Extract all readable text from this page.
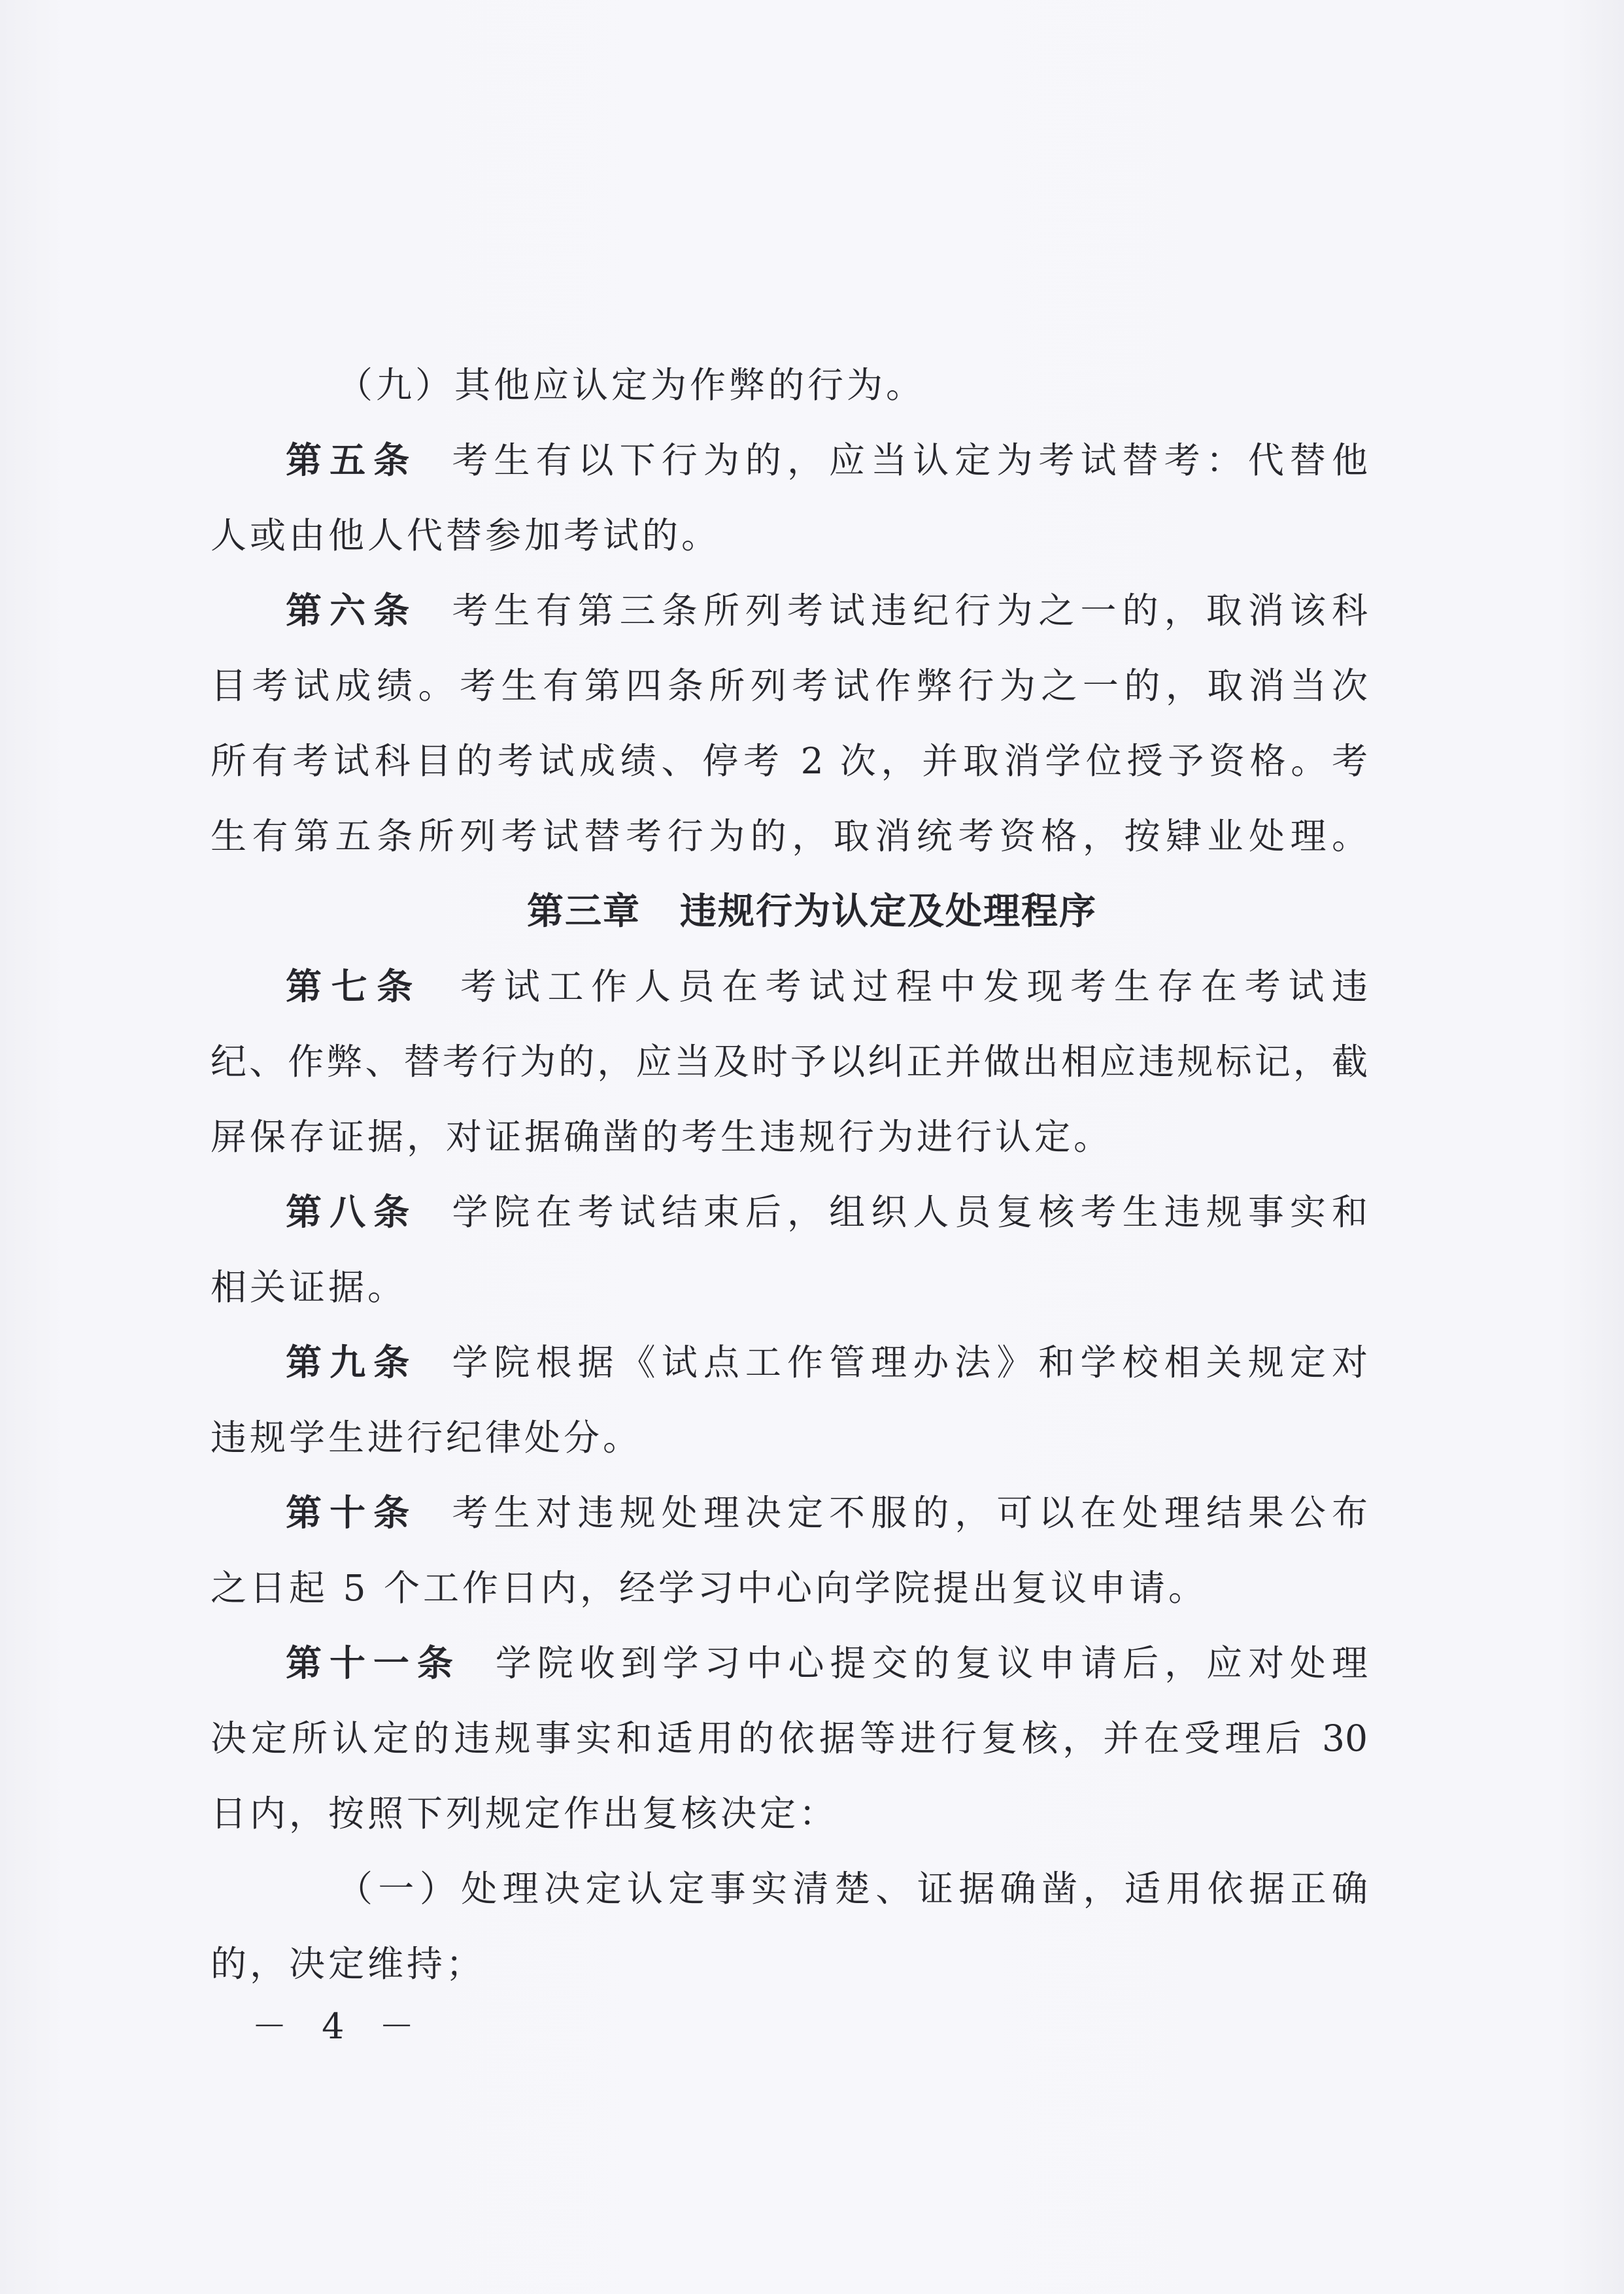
（九）其他应认定为作弊的行为。
第五条 考生有以下行为的，应当认定为考试替考：代替他
人或由他人代替参加考试的。
第六条 考生有第三条所列考试违纪行为之一的，取消该科
目考试成绩。考生有第四条所列考试作弊行为之一的，取消当次
所有考试科目的考试成绩、停考 2 次，并取消学位授予资格。考
生有第五条所列考试替考行为的，取消统考资格，按肄业处理。
第三章 违规行为认定及处理程序
第七条 考试工作人员在考试过程中发现考生存在考试违
纪、作弊、替考行为的，应当及时予以纠正并做出相应违规标记，截
屏保存证据，对证据确凿的考生违规行为进行认定。
第八条 学院在考试结束后，组织人员复核考生违规事实和
相关证据。
第九条 学院根据《试点工作管理办法》和学校相关规定对
违规学生进行纪律处分。
第十条 考生对违规处理决定不服的，可以在处理结果公布
之日起 5 个工作日内，经学习中心向学院提出复议申请。
第十一条 学院收到学习中心提交的复议申请后，应对处理
决定所认定的违规事实和适用的依据等进行复核，并在受理后 30
日内，按照下列规定作出复核决定：
（一）处理决定认定事实清楚、证据确凿，适用依据正确
的，决定维持；
－ 4 －
